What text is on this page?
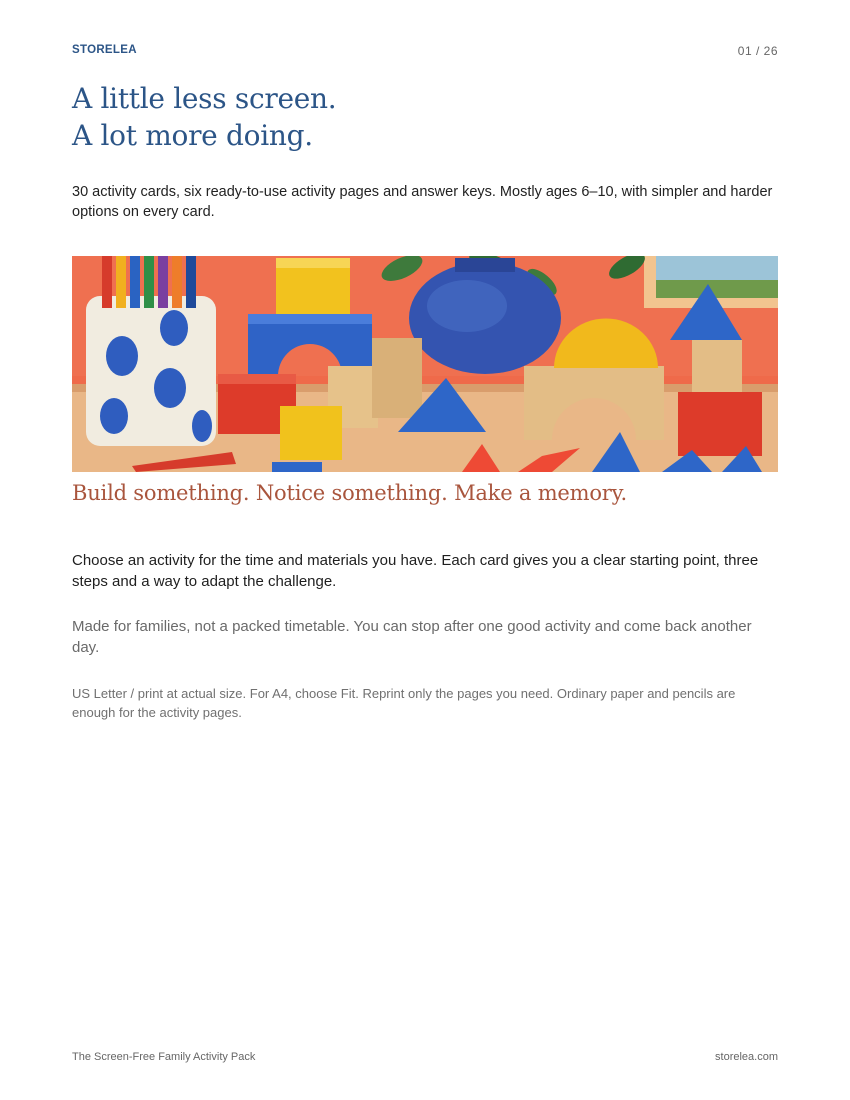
STORELEA	01 / 26
A little less screen.
A lot more doing.

30 activity cards, six ready-to-use activity pages and answer keys. Mostly ages 6–10, with simpler and harder options on every card.

Build something. Notice something. Make a memory.

Choose an activity for the time and materials you have. Each card gives you a clear starting point, three steps and a way to adapt the challenge.

Made for families, not a packed timetable. You can stop after one good activity and come back another day.

US Letter / print at actual size. For A4, choose Fit. Reprint only the pages you need. Ordinary paper and pencils are enough for the activity pages.

The Screen-Free Family Activity Pack	storelea.com
